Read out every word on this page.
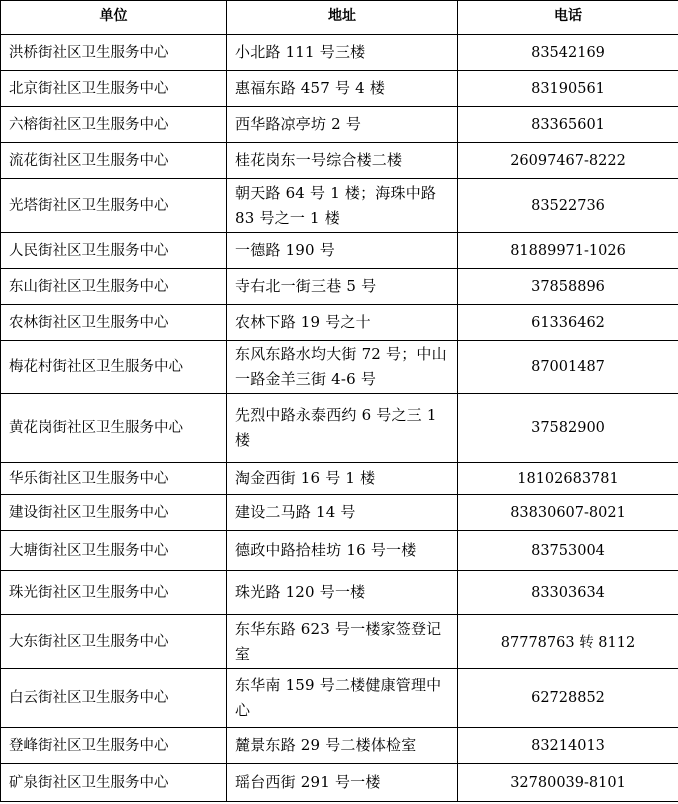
单位	地址	电话
洪桥街社区卫生服务中心	小北路 111 号三楼	83542169
北京街社区卫生服务中心	惠福东路 457 号 4 楼	83190561
六榕街社区卫生服务中心	西华路凉亭坊 2 号	83365601
流花街社区卫生服务中心	桂花岗东一号综合楼二楼	26097467-8222
光塔街社区卫生服务中心	朝天路 64 号 1 楼；海珠中路 83 号之一 1 楼	83522736
人民街社区卫生服务中心	一德路 190 号	81889971-1026
东山街社区卫生服务中心	寺右北一街三巷 5 号	37858896
农林街社区卫生服务中心	农林下路 19 号之十	61336462
梅花村街社区卫生服务中心	东风东路水均大街 72 号；中山一路金羊三街 4-6 号	87001487
黄花岗街社区卫生服务中心	先烈中路永泰西约 6 号之三 1 楼	37582900
华乐街社区卫生服务中心	淘金西街 16 号 1 楼	18102683781
建设街社区卫生服务中心	建设二马路 14 号	83830607-8021
大塘街社区卫生服务中心	德政中路拾桂坊 16 号一楼	83753004
珠光街社区卫生服务中心	珠光路 120 号一楼	83303634
大东街社区卫生服务中心	东华东路 623 号一楼家签登记室	87778763 转 8112
白云街社区卫生服务中心	东华南 159 号二楼健康管理中心	62728852
登峰街社区卫生服务中心	麓景东路 29 号二楼体检室	83214013
矿泉街社区卫生服务中心	瑶台西街 291 号一楼	32780039-8101
